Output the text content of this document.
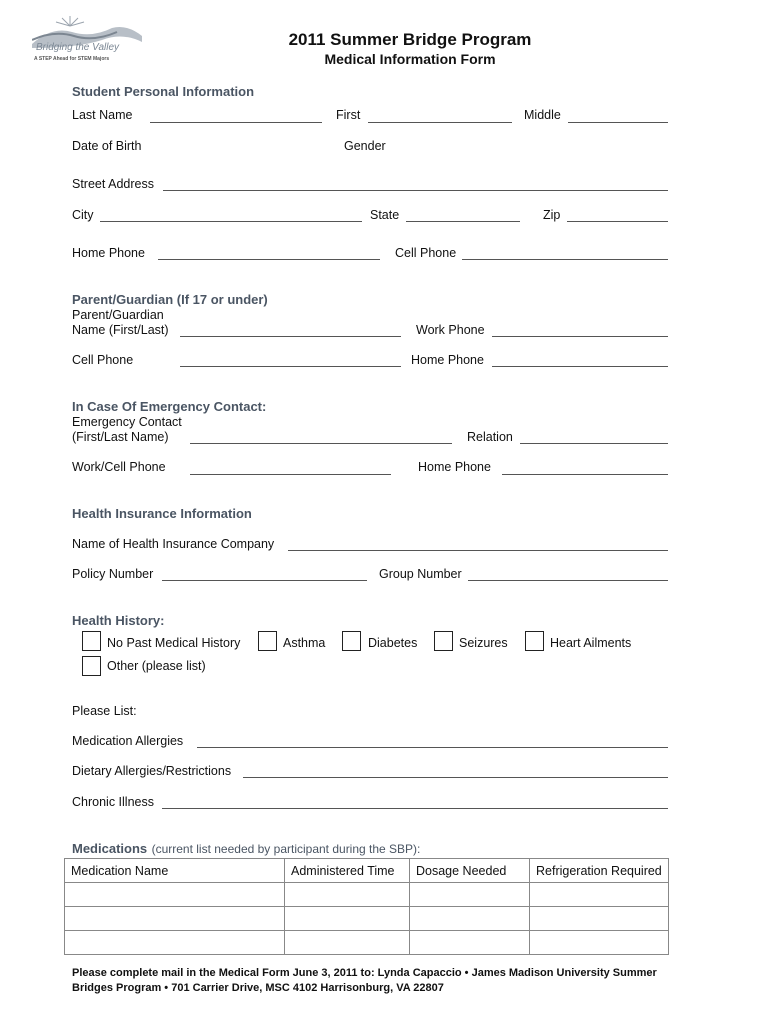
Bridging the Valley
A STEP Ahead for STEM Majors
2011 Summer Bridge Program
Medical Information Form
Student Personal Information
Last Name	First	Middle
Date of Birth	Gender
Street Address
City	State	Zip
Home Phone	Cell Phone
Parent/Guardian (If 17 or under)
Parent/Guardian
Name (First/Last)	Work Phone
Cell Phone	Home Phone
In Case Of Emergency Contact:
Emergency Contact
(First/Last Name)	Relation
Work/Cell Phone	Home Phone
Health Insurance Information
Name of Health Insurance Company
Policy Number	Group Number
Health History:
No Past Medical History	Asthma	Diabetes	Seizures	Heart Ailments
Other (please list)
Please List:
Medication Allergies
Dietary Allergies/Restrictions
Chronic Illness
Medications (current list needed by participant during the SBP):
Medication Name	Administered Time	Dosage Needed	Refrigeration Required

Please complete mail in the Medical Form June 3, 2011 to: Lynda Capaccio • James Madison University Summer Bridges Program • 701 Carrier Drive, MSC 4102 Harrisonburg, VA 22807
